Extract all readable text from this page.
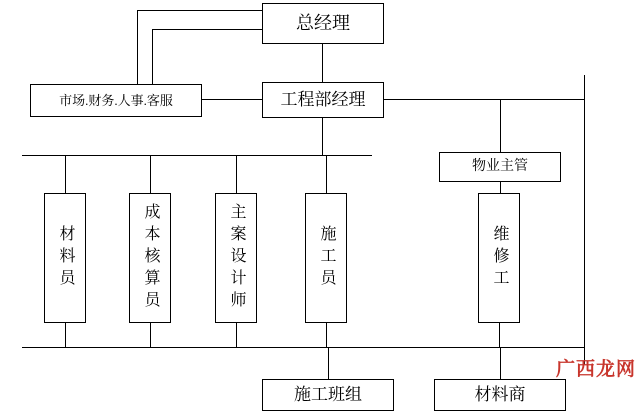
总经理
市场.财务.人事.客服	工程部经理
物业主管
材料员	成本核算员	主案设计师	施工员	维修工
施工班组	材料商
广西龙网
